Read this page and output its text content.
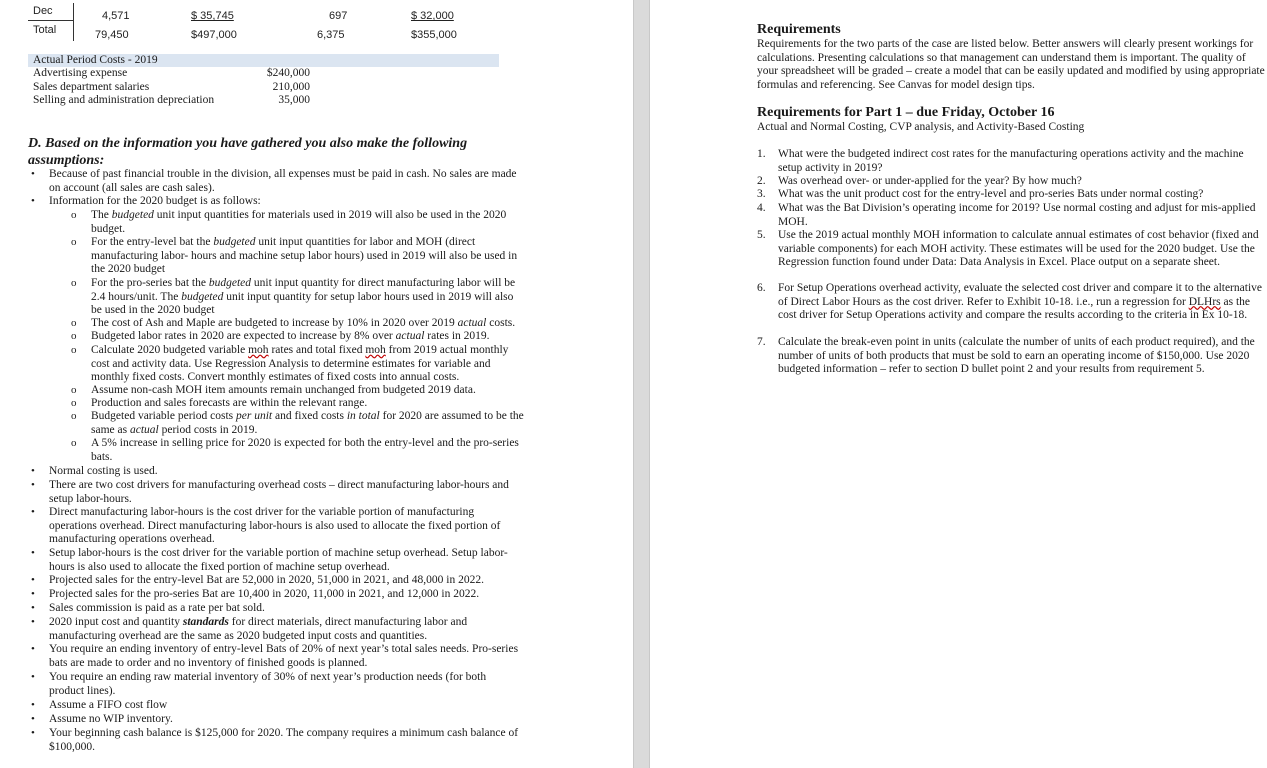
Dec	4,571	$ 35,745	697	$ 32,000
Total	79,450	$497,000	6,375	$355,000
Actual Period Costs - 2019
Advertising expense	$240,000
Sales department salaries	210,000
Selling and administration depreciation	35,000
D. Based on the information you have gathered you also make the following
assumptions:
• Because of past financial trouble in the division, all expenses must be paid in cash. No sales are made on account (all sales are cash sales).
• Information for the 2020 budget is as follows:
o The budgeted unit input quantities for materials used in 2019 will also be used in the 2020 budget.
o For the entry-level bat the budgeted unit input quantities for labor and MOH (direct manufacturing labor- hours and machine setup labor hours) used in 2019 will also be used in the 2020 budget
o For the pro-series bat the budgeted unit input quantity for direct manufacturing labor will be 2.4 hours/unit. The budgeted unit input quantity for setup labor hours used in 2019 will also be used in the 2020 budget
o The cost of Ash and Maple are budgeted to increase by 10% in 2020 over 2019 actual costs.
o Budgeted labor rates in 2020 are expected to increase by 8% over actual rates in 2019.
o Calculate 2020 budgeted variable moh rates and total fixed moh from 2019 actual monthly cost and activity data. Use Regression Analysis to determine estimates for variable and monthly fixed costs. Convert monthly estimates of fixed costs into annual costs.
o Assume non-cash MOH item amounts remain unchanged from budgeted 2019 data.
o Production and sales forecasts are within the relevant range.
o Budgeted variable period costs per unit and fixed costs in total for 2020 are assumed to be the same as actual period costs in 2019.
o A 5% increase in selling price for 2020 is expected for both the entry-level and the pro-series bats.
• Normal costing is used.
• There are two cost drivers for manufacturing overhead costs – direct manufacturing labor-hours and setup labor-hours.
• Direct manufacturing labor-hours is the cost driver for the variable portion of manufacturing operations overhead. Direct manufacturing labor-hours is also used to allocate the fixed portion of manufacturing operations overhead.
• Setup labor-hours is the cost driver for the variable portion of machine setup overhead. Setup labor-hours is also used to allocate the fixed portion of machine setup overhead.
• Projected sales for the entry-level Bat are 52,000 in 2020, 51,000 in 2021, and 48,000 in 2022.
• Projected sales for the pro-series Bat are 10,400 in 2020, 11,000 in 2021, and 12,000 in 2022.
• Sales commission is paid as a rate per bat sold.
• 2020 input cost and quantity standards for direct materials, direct manufacturing labor and manufacturing overhead are the same as 2020 budgeted input costs and quantities.
• You require an ending inventory of entry-level Bats of 20% of next year’s total sales needs. Pro-series bats are made to order and no inventory of finished goods is planned.
• You require an ending raw material inventory of 30% of next year’s production needs (for both product lines).
• Assume a FIFO cost flow
• Assume no WIP inventory.
• Your beginning cash balance is $125,000 for 2020. The company requires a minimum cash balance of $100,000.
Requirements
Requirements for the two parts of the case are listed below. Better answers will clearly present workings for calculations. Presenting calculations so that management can understand them is important. The quality of your spreadsheet will be graded – create a model that can be easily updated and modified by using appropriate formulas and referencing. See Canvas for model design tips.
Requirements for Part 1 – due Friday, October 16
Actual and Normal Costing, CVP analysis, and Activity-Based Costing
1. What were the budgeted indirect cost rates for the manufacturing operations activity and the machine setup activity in 2019?
2. Was overhead over- or under-applied for the year? By how much?
3. What was the unit product cost for the entry-level and pro-series Bats under normal costing?
4. What was the Bat Division’s operating income for 2019? Use normal costing and adjust for mis-applied MOH.
5. Use the 2019 actual monthly MOH information to calculate annual estimates of cost behavior (fixed and variable components) for each MOH activity. These estimates will be used for the 2020 budget. Use the Regression function found under Data: Data Analysis in Excel. Place output on a separate sheet.
6. For Setup Operations overhead activity, evaluate the selected cost driver and compare it to the alternative of Direct Labor Hours as the cost driver. Refer to Exhibit 10-18. i.e., run a regression for DLHrs as the cost driver for Setup Operations activity and compare the results according to the criteria in Ex 10-18.
7. Calculate the break-even point in units (calculate the number of units of each product required), and the number of units of both products that must be sold to earn an operating income of $150,000. Use 2020 budgeted information – refer to section D bullet point 2 and your results from requirement 5.
